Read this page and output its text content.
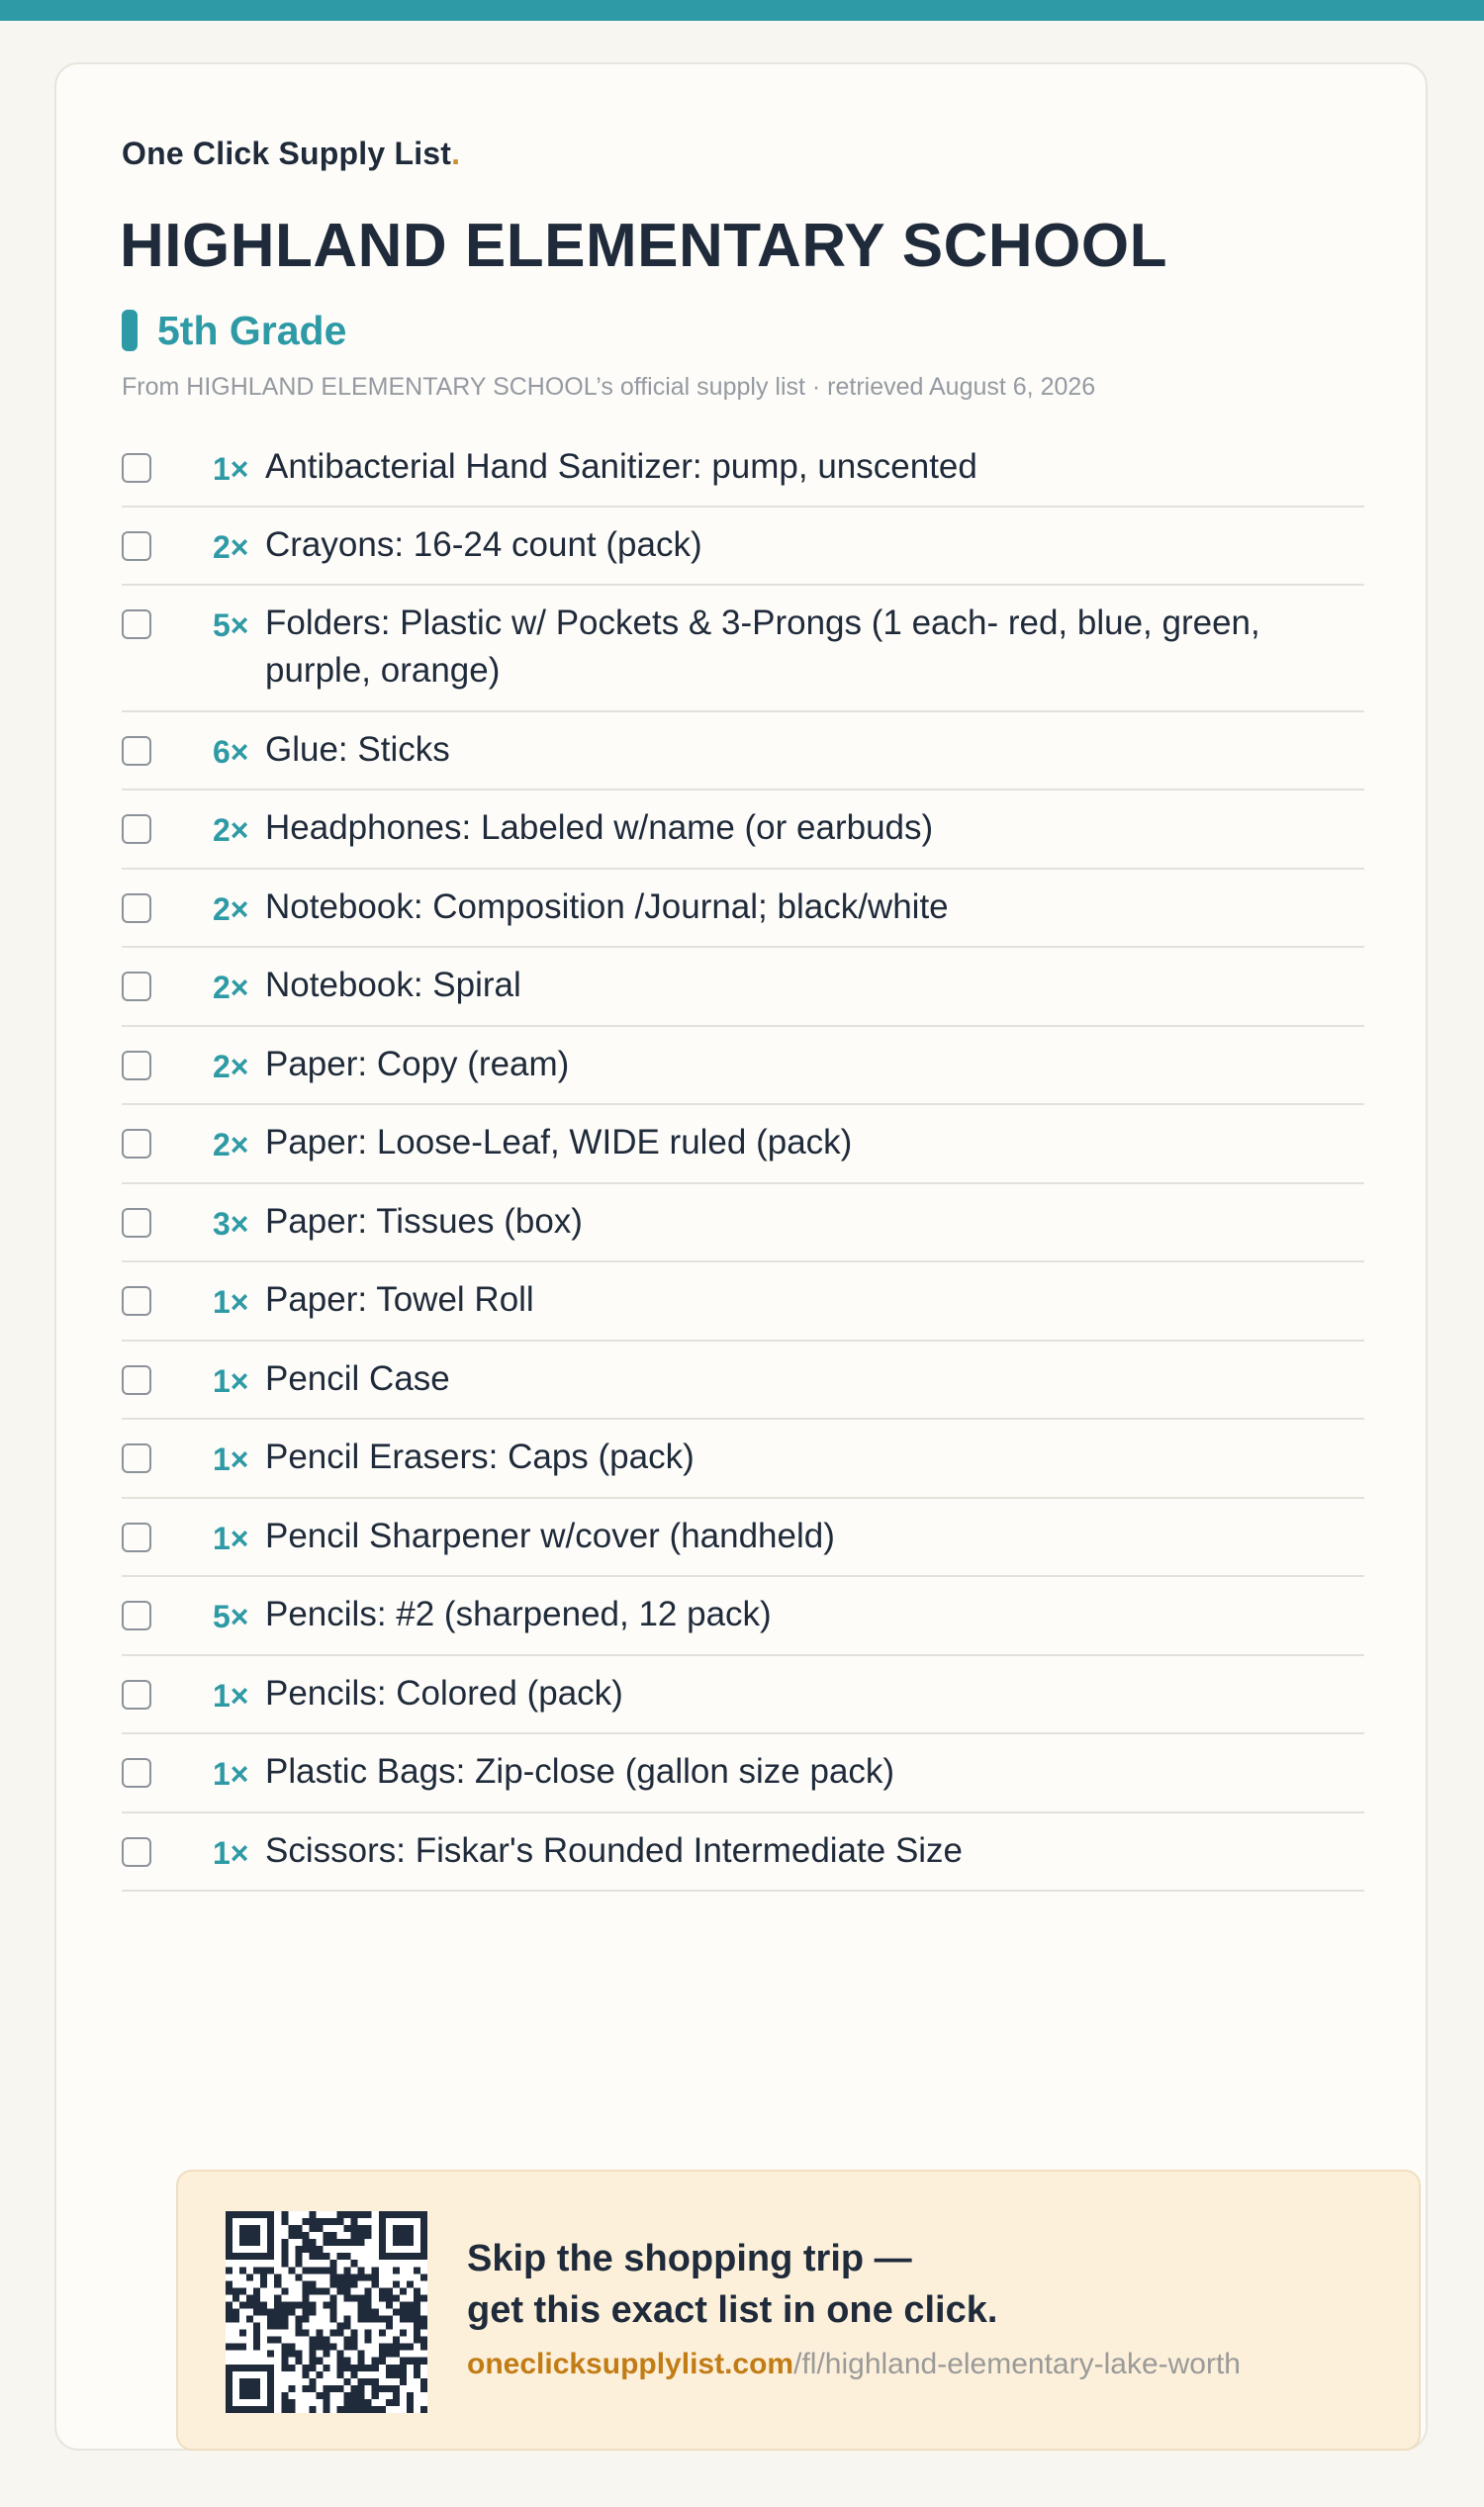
One Click Supply List.
HIGHLAND ELEMENTARY SCHOOL
5th Grade
From HIGHLAND ELEMENTARY SCHOOL’s official supply list · retrieved August 6, 2026
1× Antibacterial Hand Sanitizer: pump, unscented
2× Crayons: 16-24 count (pack)
5× Folders: Plastic w/ Pockets & 3-Prongs (1 each- red, blue, green, purple, orange)
6× Glue: Sticks
2× Headphones: Labeled w/name (or earbuds)
2× Notebook: Composition /Journal; black/white
2× Notebook: Spiral
2× Paper: Copy (ream)
2× Paper: Loose-Leaf, WIDE ruled (pack)
3× Paper: Tissues (box)
1× Paper: Towel Roll
1× Pencil Case
1× Pencil Erasers: Caps (pack)
1× Pencil Sharpener w/cover (handheld)
5× Pencils: #2 (sharpened, 12 pack)
1× Pencils: Colored (pack)
1× Plastic Bags: Zip-close (gallon size pack)
1× Scissors: Fiskar's Rounded Intermediate Size
Skip the shopping trip —
get this exact list in one click.
oneclicksupplylist.com/fl/highland-elementary-lake-worth
